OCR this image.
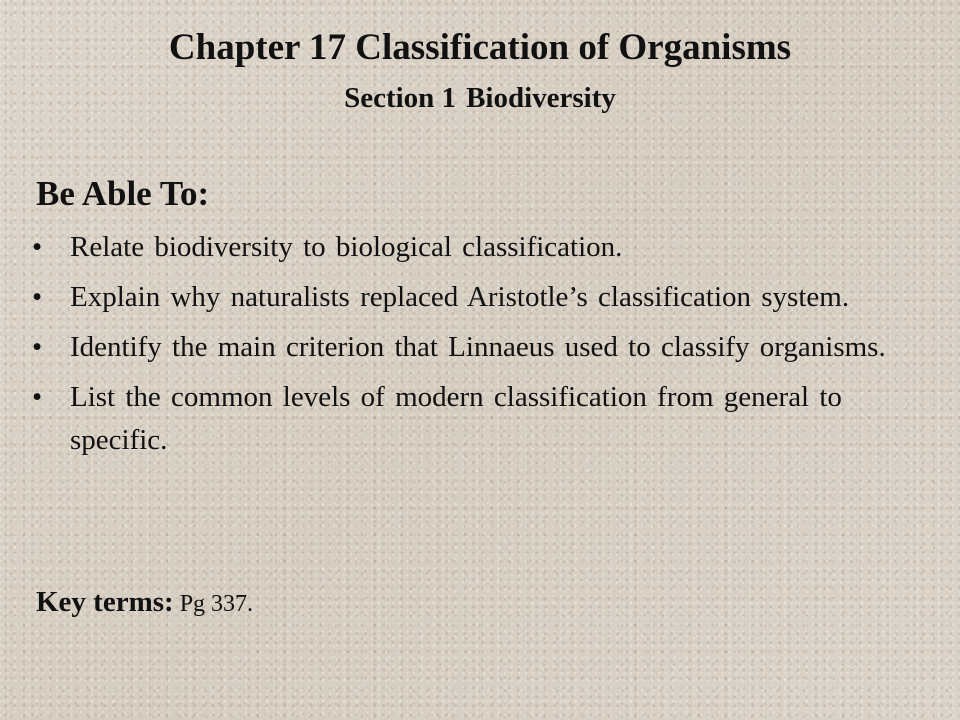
Chapter 17 Classification of Organisms
Section 1 Biodiversity
Be Able To:
• Relate biodiversity to biological classification.
• Explain why naturalists replaced Aristotle’s classification system.
• Identify the main criterion that Linnaeus used to classify organisms.
• List the common levels of modern classification from general to specific.
Key terms: Pg 337.
